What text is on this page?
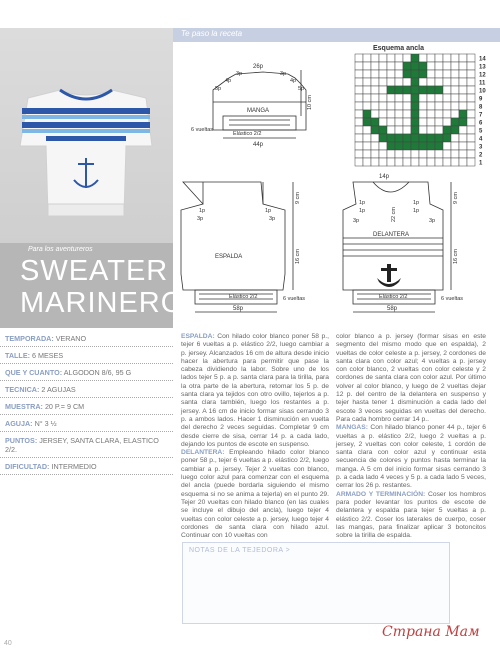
Para los aventureros
SWEATER
MARINERO
TEMPORADA: VERANO
TALLE: 6 MESES
QUE Y CUANTO: ALGODON 8/6, 95 G
TECNICA: 2 AGUJAS
MUESTRA: 20 P.= 9 CM
AGUJA: N° 3 ½
PUNTOS: JERSEY, SANTA CLARA, ELASTICO 2/2.
DIFICULTAD: INTERMEDIO
Te paso la receta
26p
3p	3p
4p	4p
5p	5p
MANGA
10 cm
Elástico 2/2
6 vueltas
44p
Esquema ancla
14
13
12
11
10
9
8
7
6
5
4
3
2
1
3p	3p
1p	1p
ESPALDA
9 cm
16 cm
Elástico 2/2	6 vueltas
58p
14p
3p	3p
1p	1p
1p	1p
DELANTERA
22 cm
9 cm
16 cm
Elástico 2/2	6 vueltas
58p

ESPALDA: Con hilado color blanco poner 58 p., tejer 6 vueltas a p. elástico 2/2, luego cambiar a p. jersey. Alcanzados 16 cm de altura desde inicio hacer la abertura para permitir que pase la cabeza dividiendo la labor. Sobre uno de los lados tejer 5 p. a p. santa clara para la tirilla, para la otra parte de la abertura, retomar los 5 p. de santa clara ya tejidos con otro ovillo, tejerlos a p. santa clara también, luego los restantes a p. jersey. A 16 cm de inicio formar sisas cerrando 3 p. a ambos lados. Hacer 1 disminución en vuelta del derecho 2 veces seguidas. Completar 9 cm desde cierre de sisa, cerrar 14 p. a cada lado, dejando los puntos de escote en suspenso.

DELANTERA: Empleando hilado color blanco poner 58 p., tejer 6 vueltas a p. elástico 2/2, luego cambiar a p. jersey. Tejer 2 vueltas con blanco, luego color azul para comenzar con el esquema del ancla (puede bordarla siguiendo el mismo esquema si no se anima a tejerla) en el punto 29. Tejer 20 vueltas con hilado blanco (en las cuales se incluye el dibujo del ancla), luego tejer 4 vueltas con color celeste a p. jersey, luego tejer 4 cordones de santa clara con hilado azul. Continuar con 10 vueltas con

color blanco a p. jersey (formar sisas en este segmento del mismo modo que en espalda), 2 vueltas de color celeste a p. jersey, 2 cordones de santa clara con color azul; 4 vueltas a p. jersey con color blanco, 2 vueltas con color celeste y 2 cordones de santa clara con color azul. Por último volver al color blanco, y luego de 2 vueltas dejar 12 p. del centro de la delantera en suspenso y tejer hasta tener 1 disminución a cada lado del escote 3 veces seguidas en vueltas del derecho. Para cada hombro cerrar 14 p..

MANGAS: Con hilado blanco poner 44 p., tejer 6 vueltas a p. elástico 2/2, luego 2 vueltas a p. jersey, 2 vueltas con color celeste, 1 cordón de santa clara con color azul y continuar esta secuencia de colores y puntos hasta terminar la manga. A 5 cm del inicio formar sisas cerrando 3 p. a cada lado 4 veces y 5 p. a cada lado 5 veces, cerrar los 26 p. restantes.

ARMADO Y TERMINACIÓN: Coser los hombros para poder levantar los puntos de escote de delantera y espalda para tejer 5 vueltas a p. elástico 2/2. Coser los laterales de cuerpo, coser las mangas, para finalizar aplicar 3 botoncitos sobre la tirilla de espalda.

NOTAS DE LA TEJEDORA >
40
Страна Мам
